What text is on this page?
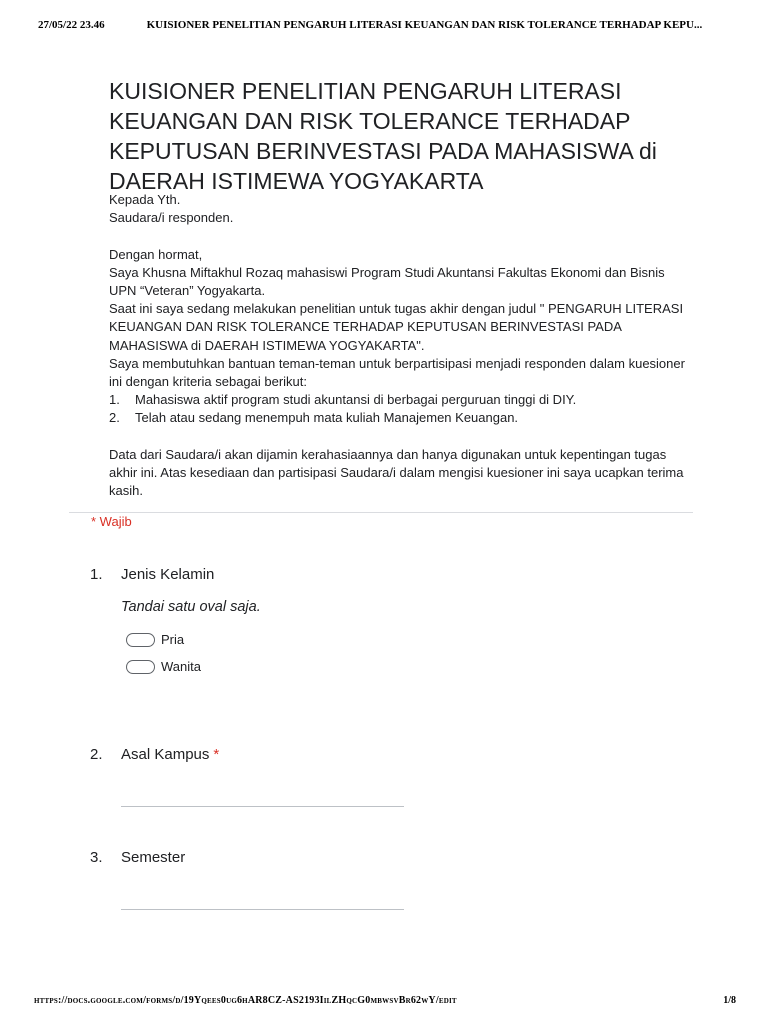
27/05/22 23.46	KUISIONER PENELITIAN PENGARUH LITERASI KEUANGAN DAN RISK TOLERANCE TERHADAP KEPU...
KUISIONER PENELITIAN PENGARUH LITERASI KEUANGAN DAN RISK TOLERANCE TERHADAP KEPUTUSAN BERINVESTASI PADA MAHASISWA di DAERAH ISTIMEWA YOGYAKARTA

Kepada Yth.

Saudara/i responden.

Dengan hormat,

Saya Khusna Miftakhul Rozaq mahasiswi Program Studi Akuntansi Fakultas Ekonomi dan Bisnis UPN “Veteran” Yogyakarta.

Saat ini saya sedang melakukan penelitian untuk tugas akhir dengan judul " PENGARUH LITERASI KEUANGAN DAN RISK TOLERANCE TERHADAP KEPUTUSAN BERINVESTASI PADA MAHASISWA di DAERAH ISTIMEWA YOGYAKARTA".

Saya membutuhkan bantuan teman-teman untuk berpartisipasi menjadi responden dalam kuesioner ini dengan kriteria sebagai berikut:

1.	Mahasiswa aktif program studi akuntansi di berbagai perguruan tinggi di DIY.
2.	Telah atau sedang menempuh mata kuliah Manajemen Keuangan.

Data dari Saudara/i akan dijamin kerahasiaannya dan hanya digunakan untuk kepentingan tugas akhir ini. Atas kesediaan dan partisipasi Saudara/i dalam mengisi kuesioner ini saya ucapkan terima kasih.

* Wajib
1.	Jenis Kelamin
Tandai satu oval saja.
Pria
Wanita
2.	Asal Kampus *
3.	Semester
https://docs.google.com/forms/d/19Yqees0ug6hAR8CZ-AS2193IilZHqcG0mbwsvBr62wY/edit	1/8
